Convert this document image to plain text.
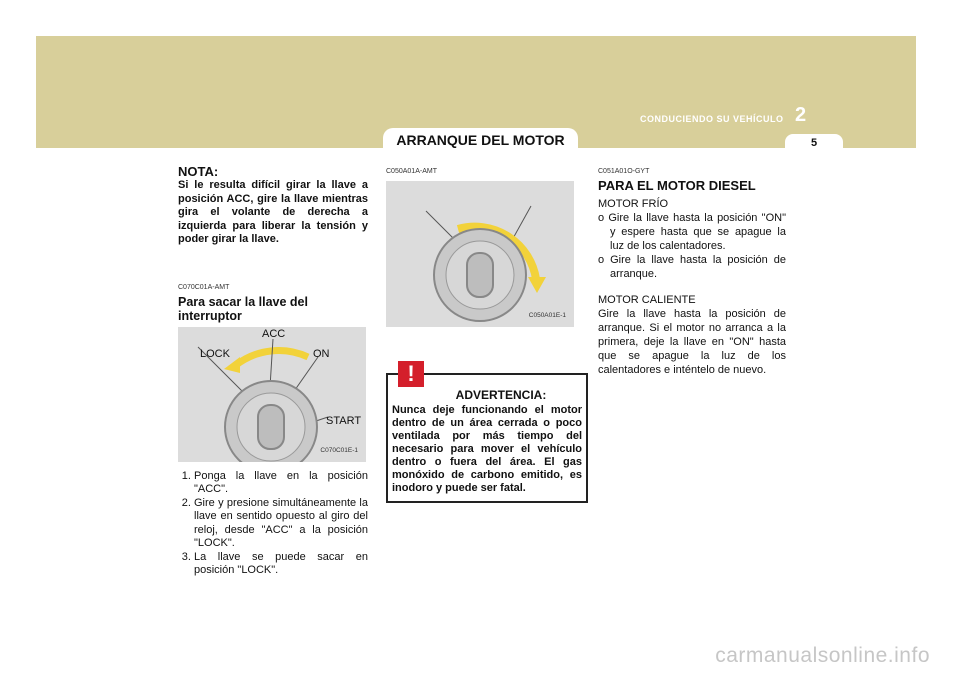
CONDUCIENDO SU VEHÍCULO 2
ARRANQUE DEL MOTOR	5
NOTA:
Si le resulta difícil girar la llave a posición ACC, gire la llave mientras gira el volante de derecha a izquierda para liberar la tensión y poder girar la llave.
C070C01A-AMT
Para sacar la llave del interruptor
LOCK
ACC
ON
START
C070C01E-1
1. Ponga la llave en la posición "ACC".
2. Gire y presione simultáneamente la llave en sentido opuesto al giro del reloj, desde "ACC" a la posición "LOCK".
3. La llave se puede sacar en posición "LOCK".
C050A01A-AMT
C050A01E-1
!
ADVERTENCIA:
Nunca deje funcionando el motor dentro de un área cerrada o poco ventilada por más tiempo del necesario para mover el vehículo dentro o fuera del área. El gas monóxido de carbono emitido, es inodoro y puede ser fatal.
C051A01O-GYT
PARA EL MOTOR DIESEL
MOTOR FRÍO
o Gire la llave hasta la posición "ON" y espere hasta que se apague la luz de los calentadores.
o Gire la llave hasta la posición de arranque.
MOTOR CALIENTE
Gire la llave hasta la posición de arranque. Si el motor no arranca a la primera, deje la llave en "ON" hasta que se apague la luz de los calentadores e inténtelo de nuevo.
carmanualsonline.info
